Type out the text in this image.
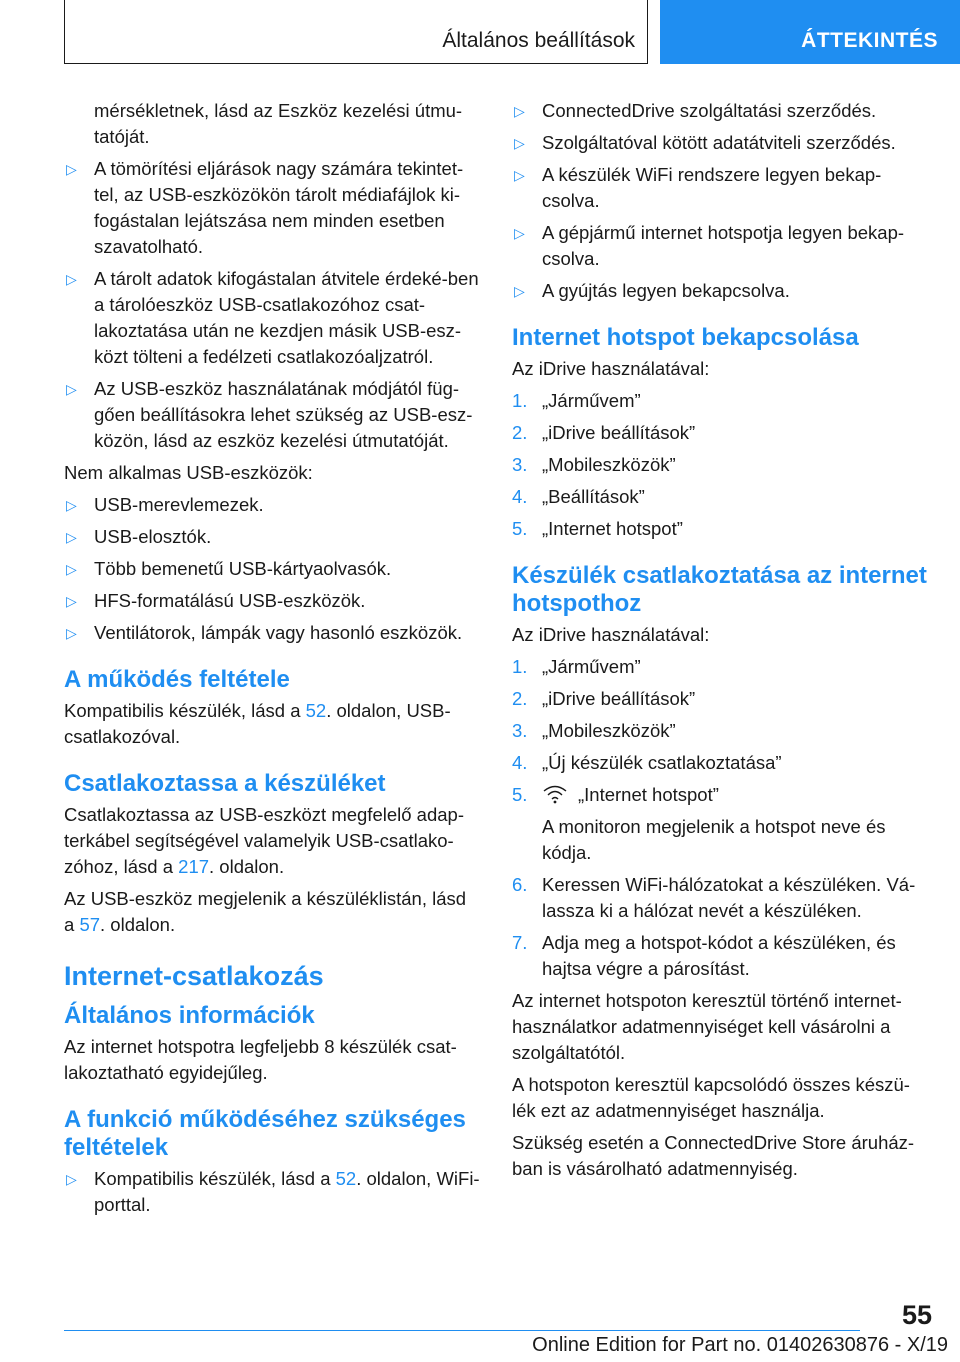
Általános beállítások	ÁTTEKINTÉS

mérsékletnek, lásd az Eszköz kezelési útmu-tatóját.

▷ A tömörítési eljárások nagy számára tekintet-tel, az USB-eszközökön tárolt médiafájlok ki-fogástalan lejátszása nem minden esetben szavatolható.

▷ A tárolt adatok kifogástalan átvitele érdeké-ben a tárolóeszköz USB-csatlakozóhoz csat-lakoztatása után ne kezdjen másik USB-esz-közt tölteni a fedélzeti csatlakozóaljzatról.

▷ Az USB-eszköz használatának módjától füg-gően beállításokra lehet szükség az USB-esz-közön, lásd az eszköz kezelési útmutatóját.

Nem alkalmas USB-eszközök:

▷ USB-merevlemezek.

▷ USB-elosztók.

▷ Több bemenetű USB-kártyaolvasók.

▷ HFS-formatálású USB-eszközök.

▷ Ventilátorok, lámpák vagy hasonló eszközök.

A működés feltétele

Kompatibilis készülék, lásd a 52. oldalon, USB-csatlakozóval.

Csatlakoztassa a készüléket

Csatlakoztassa az USB-eszközt megfelelő adap-terkábel segítségével valamelyik USB-csatlako-zóhoz, lásd a 217. oldalon.

Az USB-eszköz megjelenik a készüléklistán, lásd a 57. oldalon.

Internet-csatlakozás
Általános információk

Az internet hotspotra legfeljebb 8 készülék csat-lakoztatható egyidejűleg.

A funkció működéséhez szükséges feltételek

▷ Kompatibilis készülék, lásd a 52. oldalon, WiFi-porttal.

▷ ConnectedDrive szolgáltatási szerződés.

▷ Szolgáltatóval kötött adatátviteli szerződés.

▷ A készülék WiFi rendszere legyen bekap-csolva.

▷ A gépjármű internet hotspotja legyen bekap-csolva.

▷ A gyújtás legyen bekapcsolva.

Internet hotspot bekapcsolása

Az iDrive használatával:

1. „Járművem”

2. „iDrive beállítások”

3. „Mobileszközök”

4. „Beállítások”

5. „Internet hotspot”

Készülék csatlakoztatása az internet hotspothoz

Az iDrive használatával:

1. „Járművem”

2. „iDrive beállítások”

3. „Mobileszközök”

4. „Új készülék csatlakoztatása”

5.	„Internet hotspot”

A monitoron megjelenik a hotspot neve és kódja.

6. Keressen WiFi-hálózatokat a készüléken. Vá-lassza ki a hálózat nevét a készüléken.

7. Adja meg a hotspot-kódot a készüléken, és hajtsa végre a párosítást.

Az internet hotspoton keresztül történő internet-használatkor adatmennyiséget kell vásárolni a szolgáltatótól.

A hotspoton keresztül kapcsolódó összes készü-lék ezt az adatmennyiséget használja.

Szükség esetén a ConnectedDrive Store áruház-ban is vásárolható adatmennyiség.

55
Online Edition for Part no. 01402630876 - X/19
